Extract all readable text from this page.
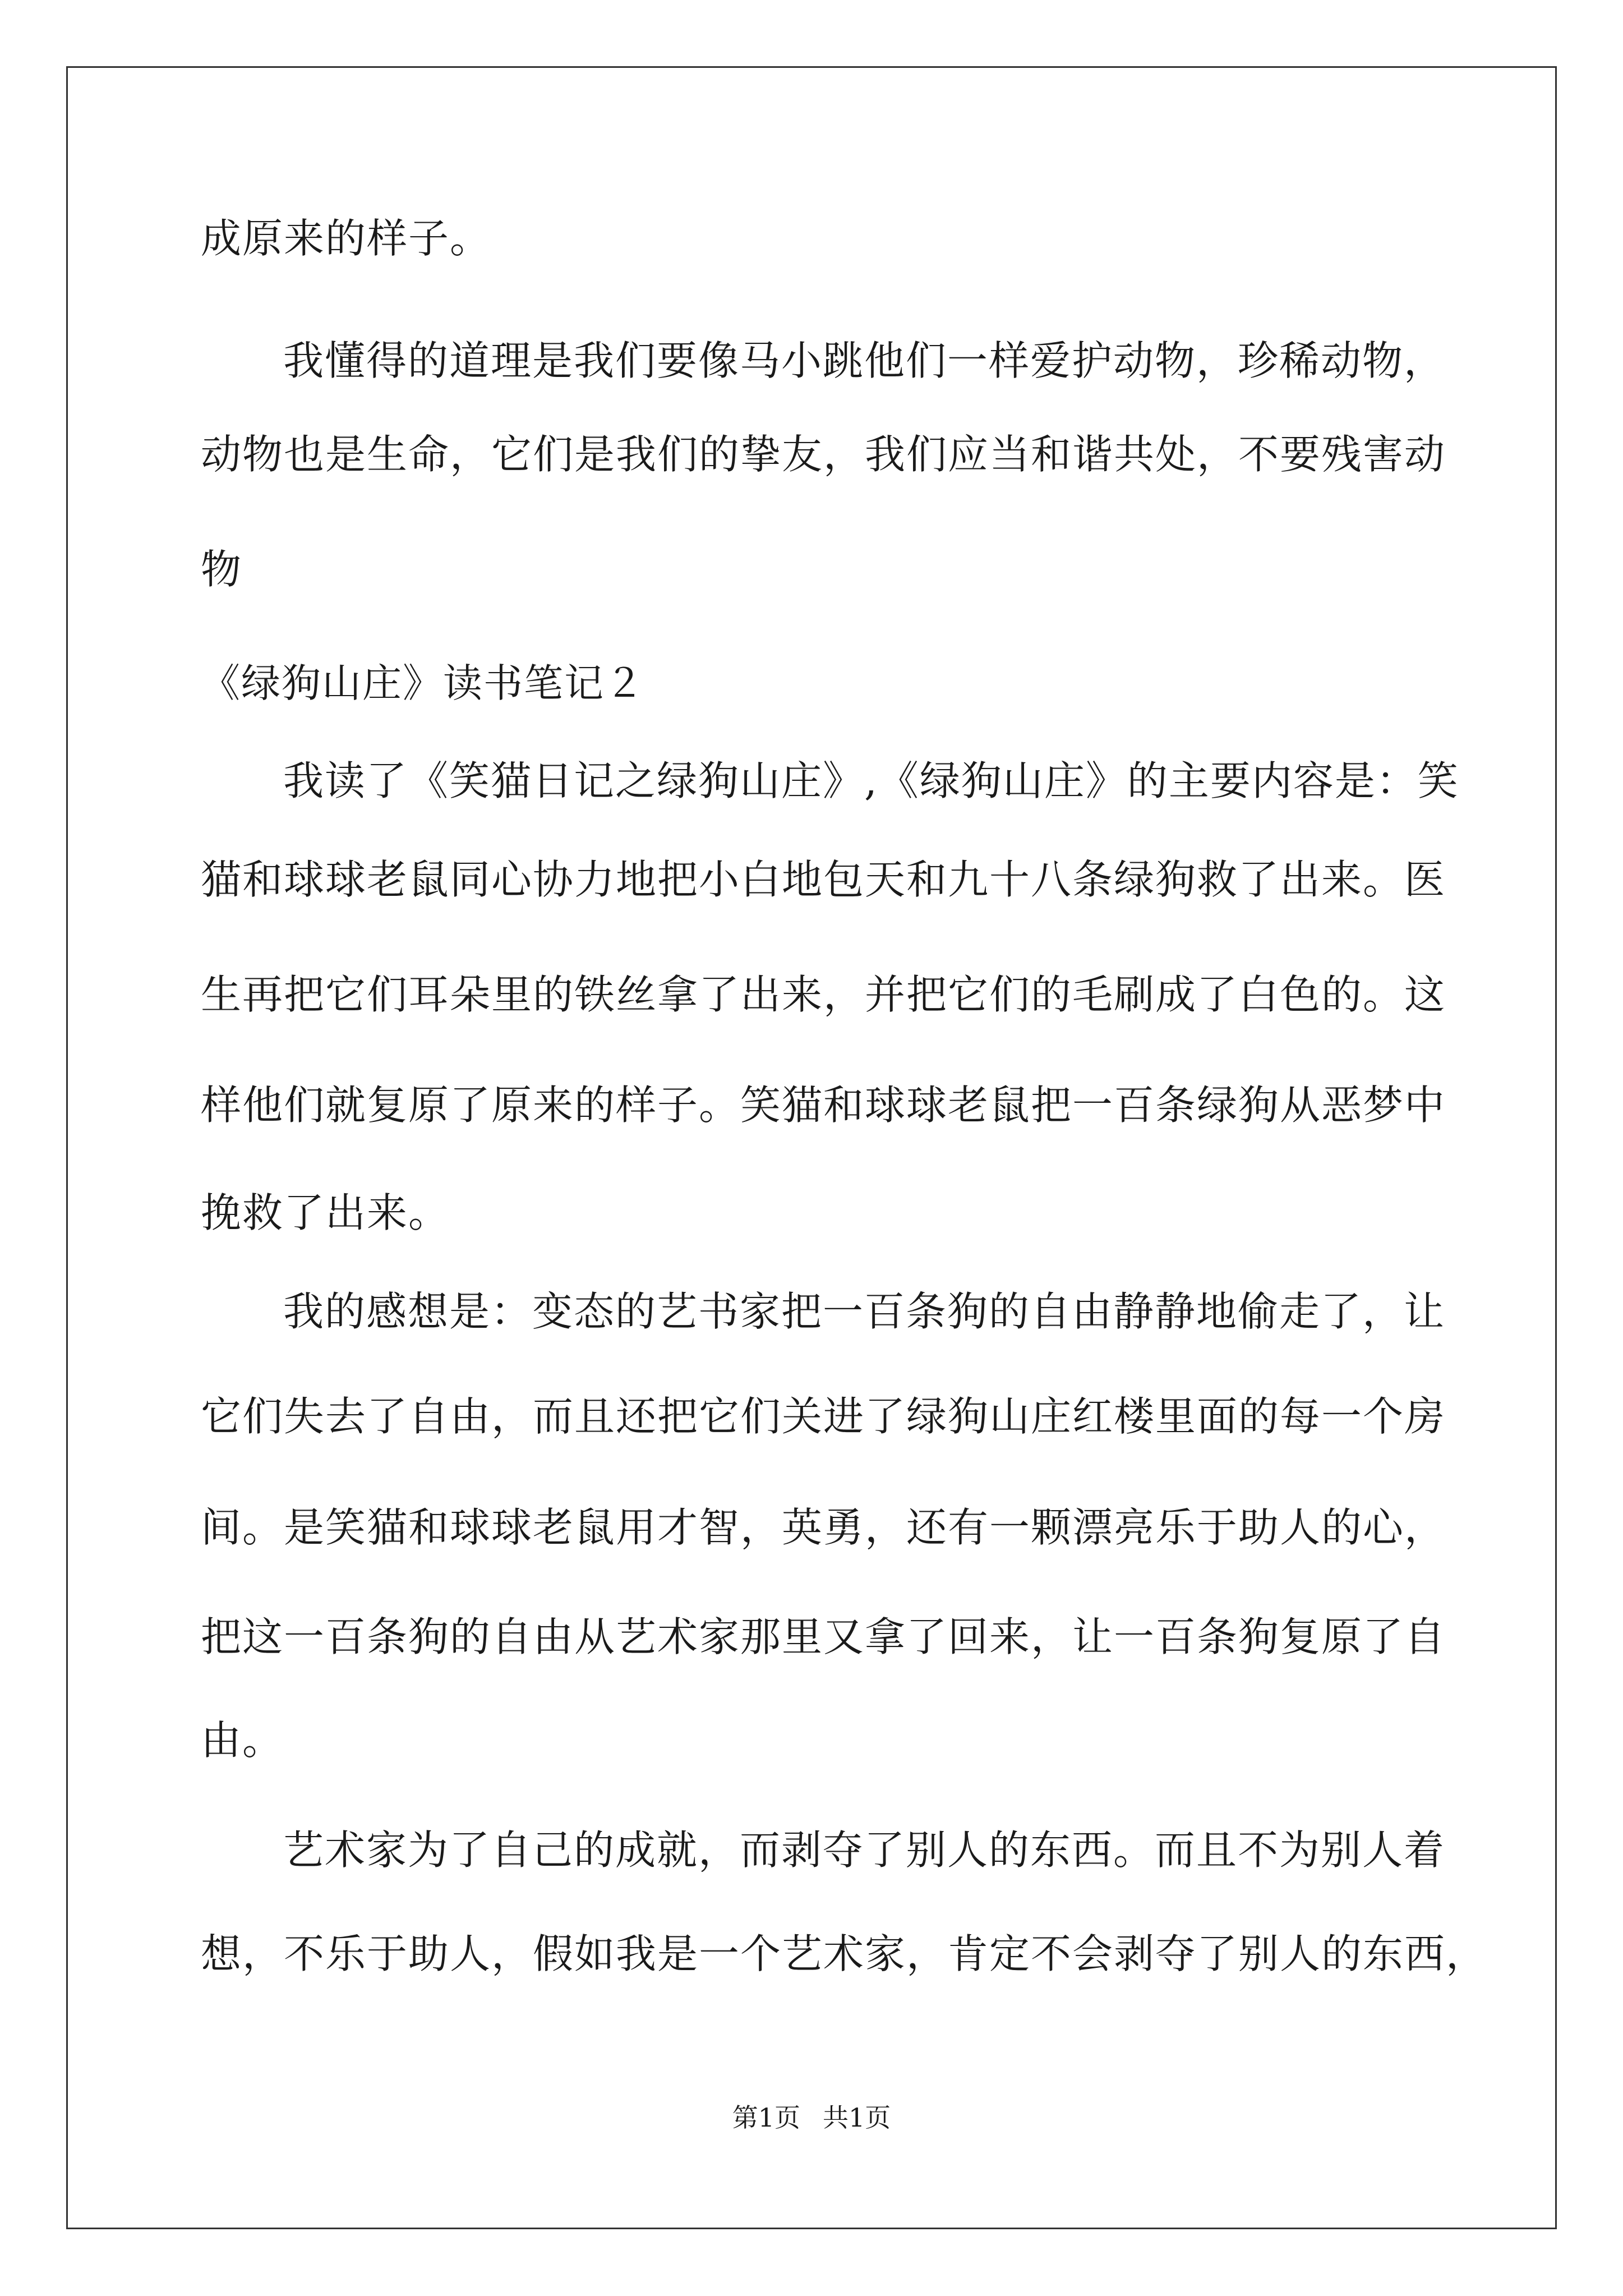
成原来的样子。
我懂得的道理是我们要像马小跳他们一样爱护动物，珍稀动物，
动物也是生命，它们是我们的挚友，我们应当和谐共处，不要残害动
物
《绿狗山庄》读书笔记２
我读了《笑猫日记之绿狗山庄》,《绿狗山庄》的主要内容是：笑
猫和球球老鼠同心协力地把小白地包天和九十八条绿狗救了出来。医
生再把它们耳朵里的铁丝拿了出来，并把它们的毛刷成了白色的。这
样他们就复原了原来的样子。笑猫和球球老鼠把一百条绿狗从恶梦中
挽救了出来。
我的感想是：变态的艺书家把一百条狗的自由静静地偷走了，让
它们失去了自由，而且还把它们关进了绿狗山庄红楼里面的每一个房
间。是笑猫和球球老鼠用才智，英勇，还有一颗漂亮乐于助人的心，
把这一百条狗的自由从艺术家那里又拿了回来，让一百条狗复原了自
由。
艺术家为了自己的成就，而剥夺了别人的东西。而且不为别人着
想，不乐于助人，假如我是一个艺术家，肯定不会剥夺了别人的东西，
第1页 共1页
